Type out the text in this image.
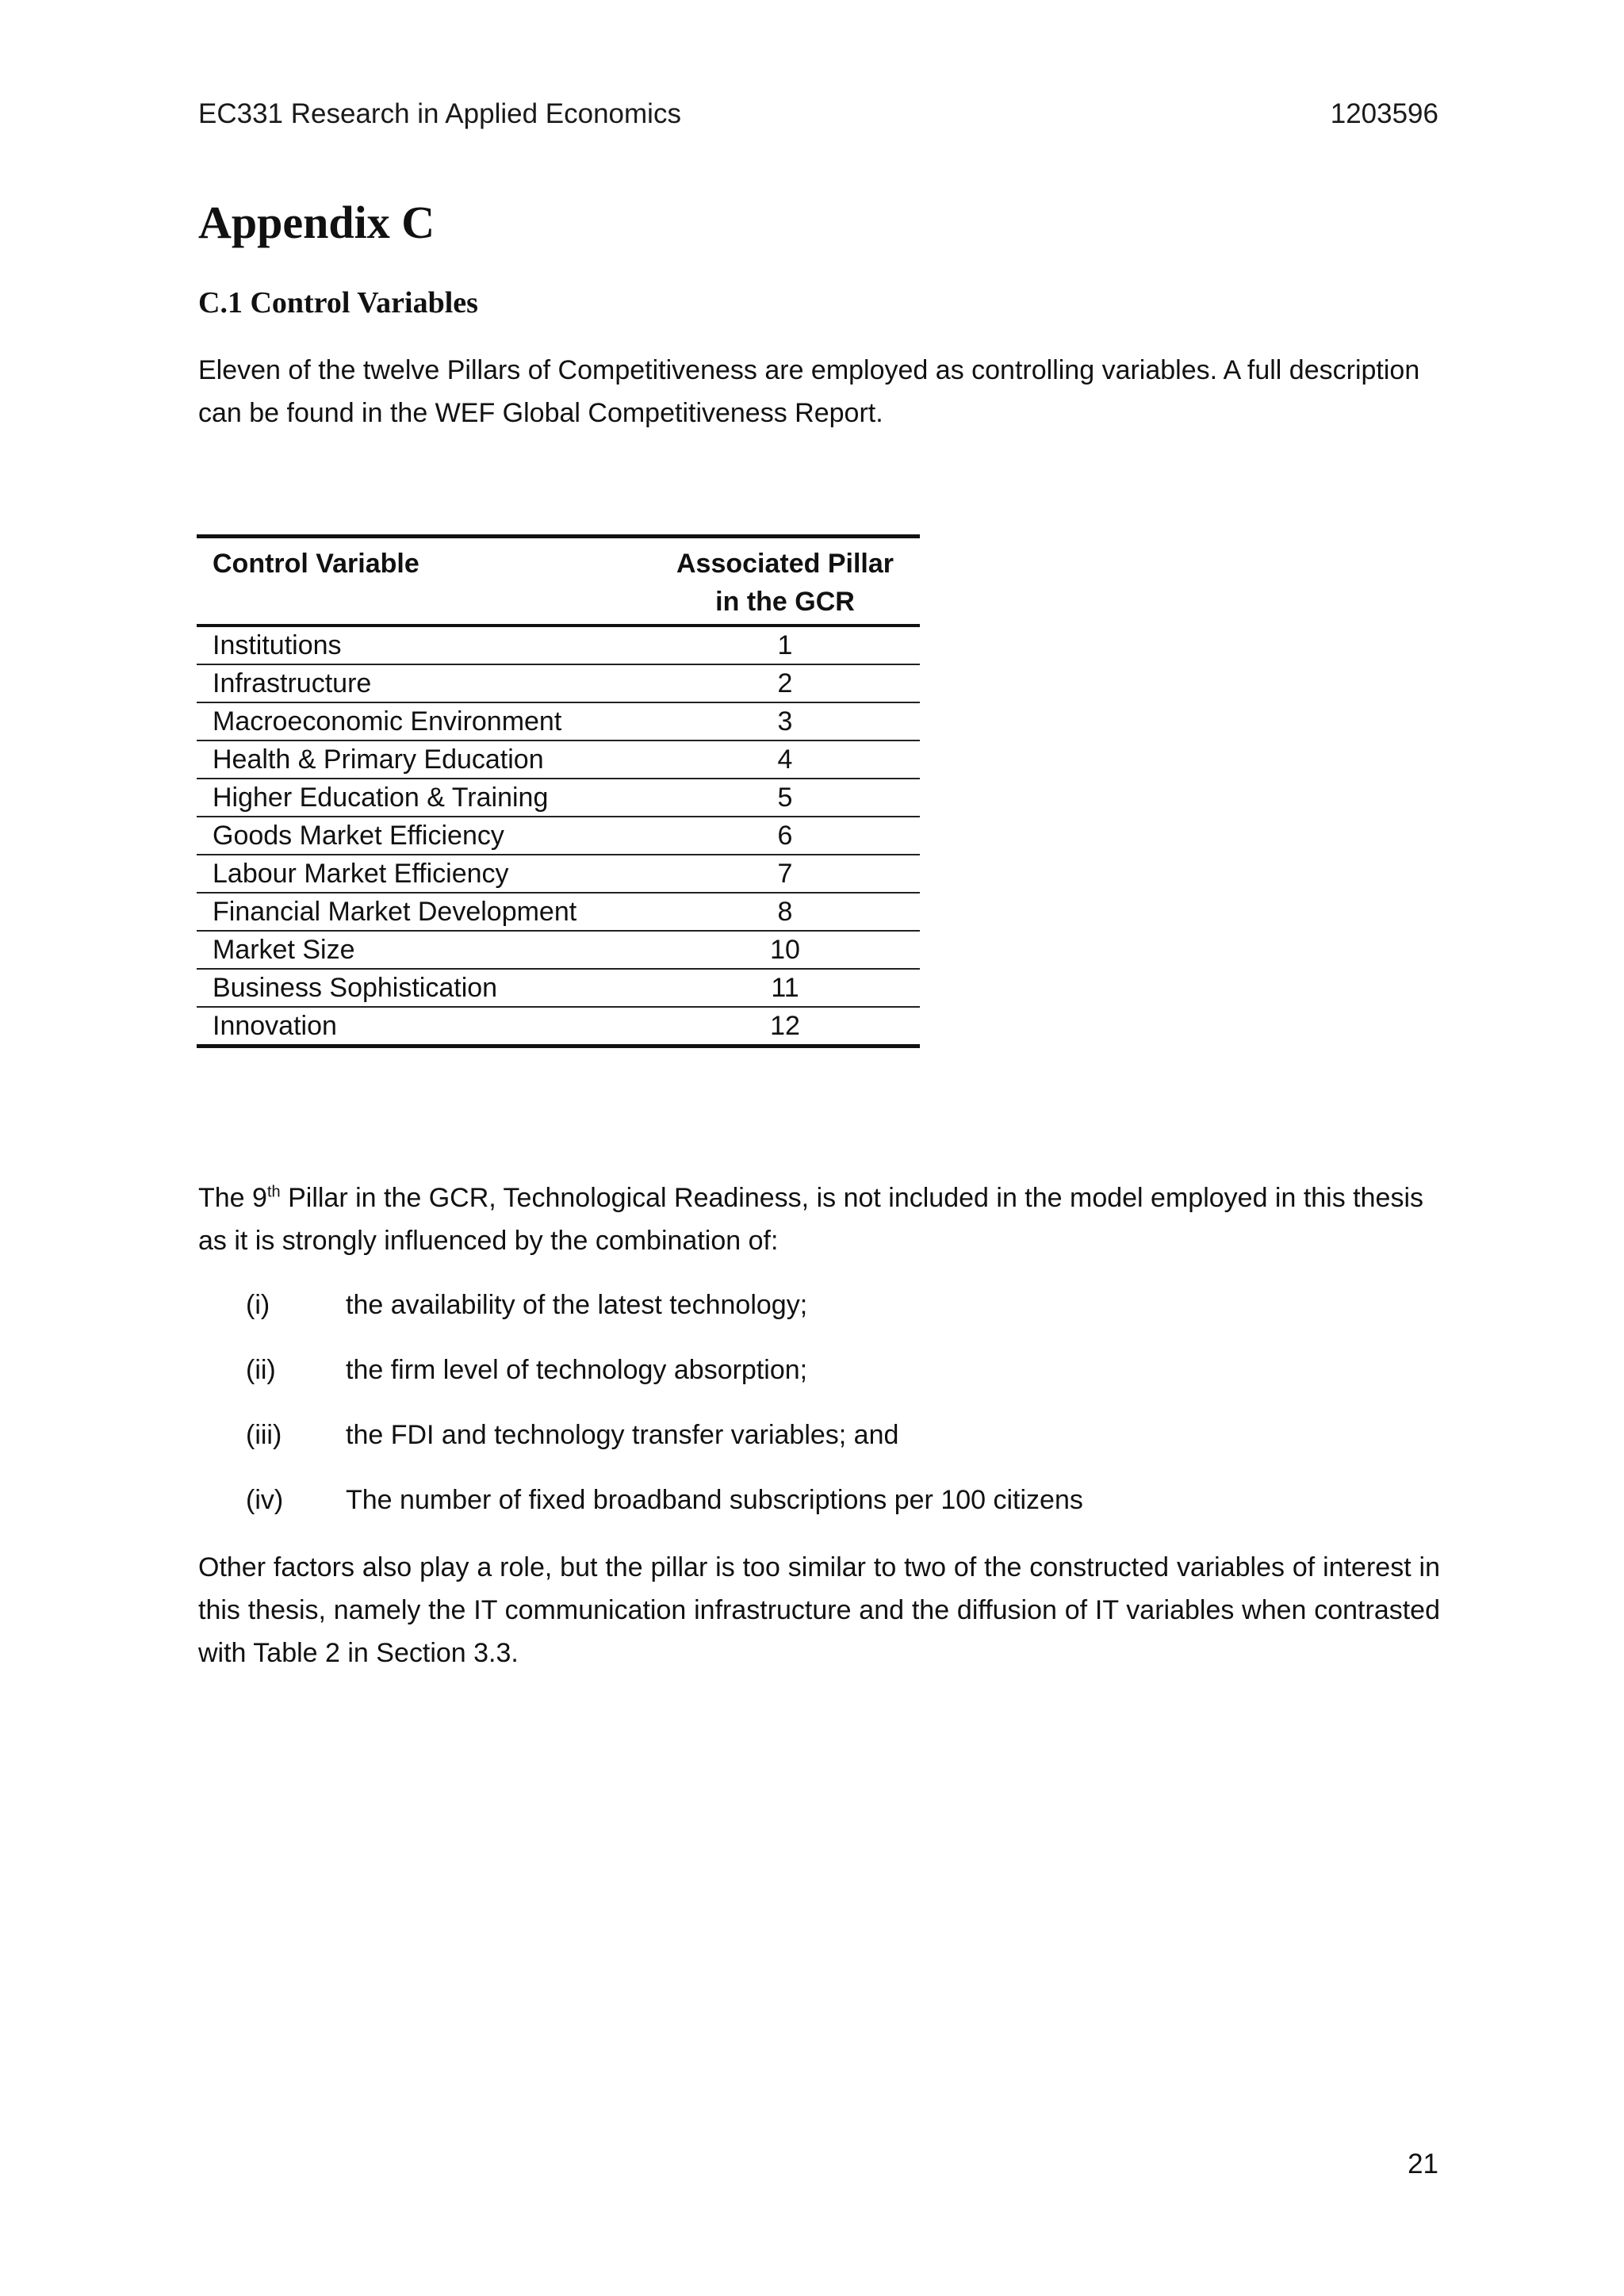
EC331 Research in Applied Economics	1203596
Appendix C
C.1 Control Variables

Eleven of the twelve Pillars of Competitiveness are employed as controlling variables. A full description can be found in the WEF Global Competitiveness Report.

Control Variable	Associated Pillar in the GCR
Institutions	1
Infrastructure	2
Macroeconomic Environment	3
Health & Primary Education	4
Higher Education & Training	5
Goods Market Efficiency	6
Labour Market Efficiency	7
Financial Market Development	8
Market Size	10
Business Sophistication	11
Innovation	12

The 9th Pillar in the GCR, Technological Readiness, is not included in the model employed in this thesis as it is strongly influenced by the combination of:

(i)	the availability of the latest technology;
(ii)	the firm level of technology absorption;
(iii) the FDI and technology transfer variables; and
(iv) The number of fixed broadband subscriptions per 100 citizens

Other factors also play a role, but the pillar is too similar to two of the constructed variables of interest in this thesis, namely the IT communication infrastructure and the diffusion of IT variables when contrasted with Table 2 in Section 3.3.

21
